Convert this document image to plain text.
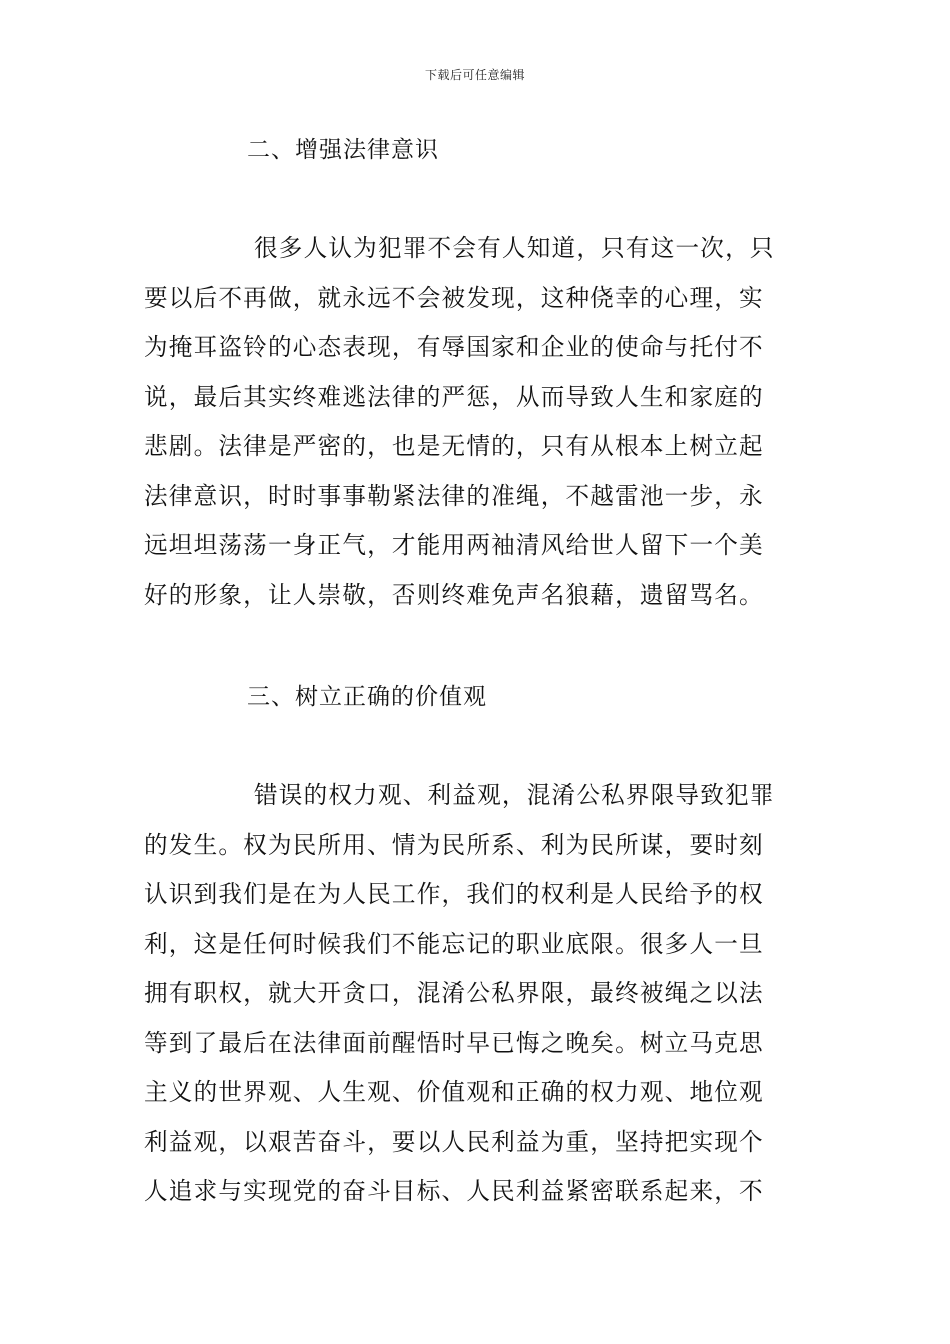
下载后可任意编辑
二、增强法律意识
很多人认为犯罪不会有人知道，只有这一次，只
要以后不再做，就永远不会被发现，这种侥幸的心理，实
为掩耳盗铃的心态表现，有辱国家和企业的使命与托付不
说，最后其实终难逃法律的严惩，从而导致人生和家庭的
悲剧。法律是严密的，也是无情的，只有从根本上树立起
法律意识，时时事事勒紧法律的准绳，不越雷池一步，永
远坦坦荡荡一身正气，才能用两袖清风给世人留下一个美
好的形象，让人崇敬，否则终难免声名狼藉，遗留骂名。
三、树立正确的价值观
错误的权力观、利益观，混淆公私界限导致犯罪
的发生。权为民所用、情为民所系、利为民所谋，要时刻
认识到我们是在为人民工作，我们的权利是人民给予的权
利，这是任何时候我们不能忘记的职业底限。很多人一旦
拥有职权，就大开贪口，混淆公私界限，最终被绳之以法
等到了最后在法律面前醒悟时早已悔之晚矣。树立马克思
主义的世界观、人生观、价值观和正确的权力观、地位观
利益观，以艰苦奋斗，要以人民利益为重，坚持把实现个
人追求与实现党的奋斗目标、人民利益紧密联系起来，不
